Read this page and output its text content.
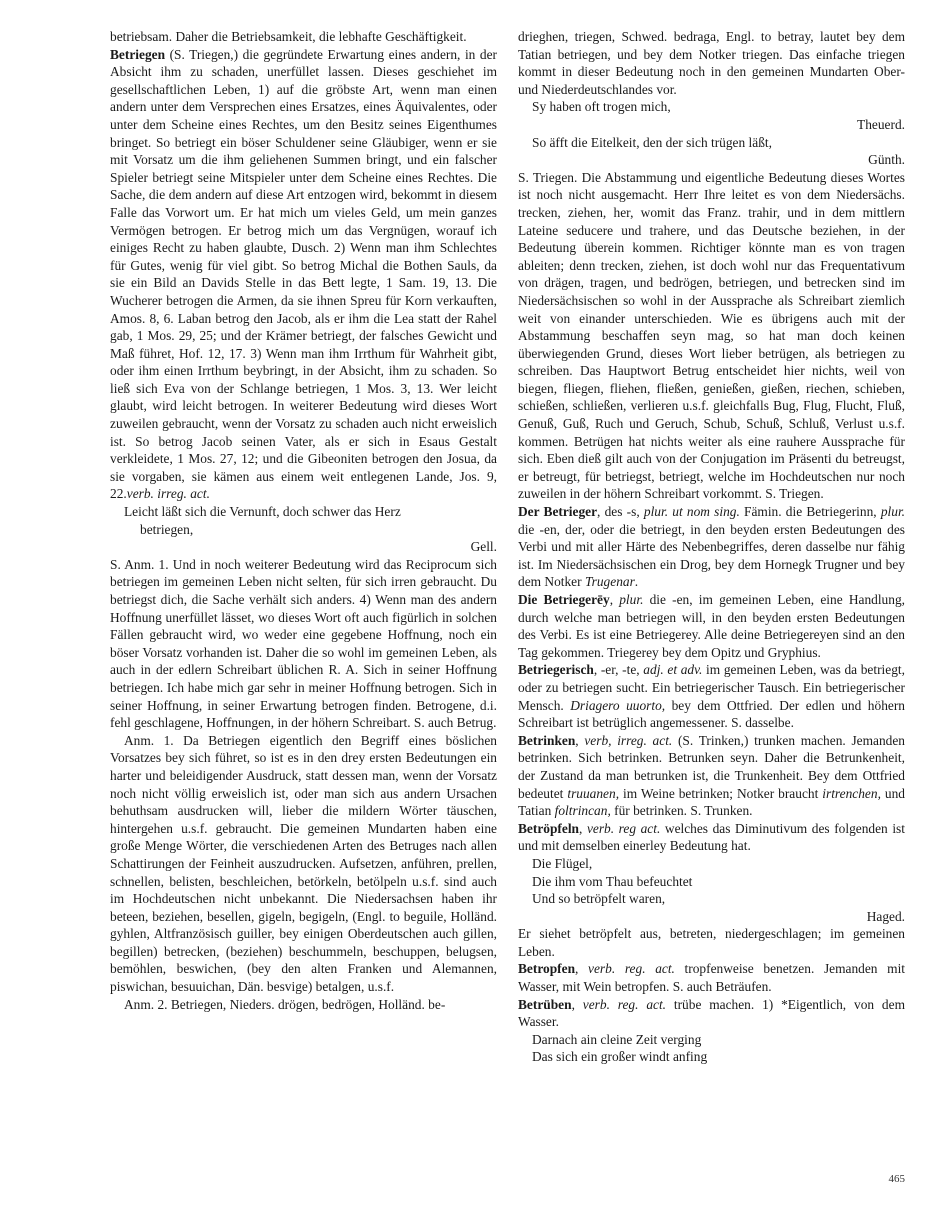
betriebsam. Daher die Betriebsamkeit, die lebhafte Geschäftigkeit.

Betriegen (S. Triegen,) die gegründete Erwartung eines andern, in der Absicht ihm zu schaden, unerfüllet lassen. Dieses geschiehet im gesellschaftlichen Leben, 1) auf die gröbste Art, wenn man einen andern unter dem Versprechen eines Ersatzes, eines Äquivalentes, oder unter dem Scheine eines Rechtes, um den Besitz seines Eigenthumes bringet. So betriegt ein böser Schuldener seine Gläubiger, wenn er sie mit Vorsatz um die ihm geliehenen Summen bringt, und ein falscher Spieler betriegt seine Mitspieler unter dem Scheine eines Rechtes. Die Sache, die dem andern auf diese Art entzogen wird, bekommt in diesem Falle das Vorwort um. Er hat mich um vieles Geld, um mein ganzes Vermögen betrogen. Er betrog mich um das Vergnügen, worauf ich einiges Recht zu haben glaubte, Dusch. 2) Wenn man ihm Schlechtes für Gutes, wenig für viel gibt. So betrog Michal die Bothen Sauls, da sie ein Bild an Davids Stelle in das Bett legte, 1 Sam. 19, 13. Die Wucherer betrogen die Armen, da sie ihnen Spreu für Korn verkauften, Amos. 8, 6. Laban betrog den Jacob, als er ihm die Lea statt der Rahel gab, 1 Mos. 29, 25; und der Krämer betriegt, der falsches Gewicht und Maß führet, Hof. 12, 17. 3) Wenn man ihm Irrthum für Wahrheit gibt, oder ihm einen Irrthum beybringt, in der Absicht, ihm zu schaden. So ließ sich Eva von der Schlange betriegen, 1 Mos. 3, 13. Wer leicht glaubt, wird leicht betrogen. In weiterer Bedeutung wird dieses Wort zuweilen gebraucht, wenn der Vorsatz zu schaden auch nicht erweislich ist. So betrog Jacob seinen Vater, als er sich in Esaus Gestalt verkleidete, 1 Mos. 27, 12; und die Gibeoniten betrogen den Josua, da sie vorgaben, sie kämen aus einem weit entlegenen Lande, Jos. 9, 22.verb. irreg. act.

Leicht läßt sich die Vernunft, doch schwer das Herz

betriegen,

Gell.

S. Anm. 1. Und in noch weiterer Bedeutung wird das Reciprocum sich betriegen im gemeinen Leben nicht selten, für sich irren gebraucht. Du betriegst dich, die Sache verhält sich anders. 4) Wenn man des andern Hoffnung unerfüllet lässet, wo dieses Wort oft auch figürlich in solchen Fällen gebraucht wird, wo weder eine gegebene Hoffnung, noch ein böser Vorsatz vorhanden ist. Daher die so wohl im gemeinen Leben, als auch in der edlern Schreibart üblichen R. A. Sich in seiner Hoffnung betriegen. Ich habe mich gar sehr in meiner Hoffnung betrogen. Sich in seiner Hoffnung, in seiner Erwartung betrogen finden. Betrogene, d.i. fehl geschlagene, Hoffnungen, in der höhern Schreibart. S. auch Betrug.

Anm. 1. Da Betriegen eigentlich den Begriff eines böslichen Vorsatzes bey sich führet, so ist es in den drey ersten Bedeutungen ein harter und beleidigender Ausdruck, statt dessen man, wenn der Vorsatz noch nicht völlig erweislich ist, oder man sich aus andern Ursachen behuthsam ausdrucken will, lieber die mildern Wörter täuschen, hintergehen u.s.f. gebraucht. Die gemeinen Mundarten haben eine große Menge Wörter, die verschiedenen Arten des Betruges nach allen Schattirungen der Feinheit auszudrucken. Aufsetzen, anführen, prellen, schnellen, belisten, beschleichen, betörkeln, betölpeln u.s.f. sind auch im Hochdeutschen nicht unbekannt. Die Niedersachsen haben ihr beteen, beziehen, besellen, gigeln, begigeln, (Engl. to beguile, Holländ. gyhlen, Altfranzösisch guiller, bey einigen Oberdeutschen auch gillen, begillen) betrecken, (beziehen) beschummeln, beschuppen, belugsen, bemöhlen, beswichen, (bey den alten Franken und Alemannen, piswichan, besuuichan, Dän. besvige) betalgen, u.s.f.

Anm. 2. Betriegen, Nieders. drögen, bedrögen, Holländ. be-

drieghen, triegen, Schwed. bedraga, Engl. to betray, lautet bey dem Tatian betriegen, und bey dem Notker triegen. Das einfache triegen kommt in dieser Bedeutung noch in den gemeinen Mundarten Ober- und Niederdeutschlandes vor.

Sy haben oft trogen mich,

Theuerd.

So äfft die Eitelkeit, den der sich trügen läßt,

Günth.

S. Triegen. Die Abstammung und eigentliche Bedeutung dieses Wortes ist noch nicht ausgemacht. Herr Ihre leitet es von dem Niedersächs. trecken, ziehen, her, womit das Franz. trahir, und in dem mittlern Lateine seducere und trahere, und das Deutsche beziehen, in der Bedeutung überein kommen. Richtiger könnte man es von tragen ableiten; denn trecken, ziehen, ist doch wohl nur das Frequentativum von drägen, tragen, und bedrögen, betriegen, und betrecken sind im Niedersächsischen so wohl in der Aussprache als Schreibart ziemlich weit von einander unterschieden. Wie es übrigens auch mit der Abstammung beschaffen seyn mag, so hat man doch keinen überwiegenden Grund, dieses Wort lieber betrügen, als betriegen zu schreiben. Das Hauptwort Betrug entscheidet hier nichts, weil von biegen, fliegen, fliehen, fließen, genießen, gießen, riechen, schieben, schießen, schließen, verlieren u.s.f. gleichfalls Bug, Flug, Flucht, Fluß, Genuß, Guß, Ruch und Geruch, Schub, Schuß, Schluß, Verlust u.s.f. kommen. Betrügen hat nichts weiter als eine rauhere Aussprache für sich. Eben dieß gilt auch von der Conjugation im Präsenti du betreugst, er betreugt, für betriegst, betriegt, welche im Hochdeutschen nur noch zuweilen in der höhern Schreibart vorkommt. S. Triegen.

Der Betrieger, des -s, plur. ut nom sing. Fämin. die Betriegerinn, plur. die -en, der, oder die betriegt, in den beyden ersten Bedeutungen des Verbi und mit aller Härte des Nebenbegriffes, deren dasselbe nur fähig ist. Im Niedersächsischen ein Drog, bey dem Hornegk Trugner und bey dem Notker Trugenar.

Die Betriegerēy, plur. die -en, im gemeinen Leben, eine Handlung, durch welche man betriegen will, in den beyden ersten Bedeutungen des Verbi. Es ist eine Betriegerey. Alle deine Betriegereyen sind an den Tag gekommen. Triegerey bey dem Opitz und Gryphius.

Betriegerisch, -er, -te, adj. et adv. im gemeinen Leben, was da betriegt, oder zu betriegen sucht. Ein betriegerischer Tausch. Ein betriegerischer Mensch. Driagero uuorto, bey dem Ottfried. Der edlen und höhern Schreibart ist betrüglich angemessener. S. dasselbe.

Betrinken, verb, irreg. act. (S. Trinken,) trunken machen. Jemanden betrinken. Sich betrinken. Betrunken seyn. Daher die Betrunkenheit, der Zustand da man betrunken ist, die Trunkenheit. Bey dem Ottfried bedeutet truuanen, im Weine betrinken; Notker braucht irtrenchen, und Tatian foltrincan, für betrinken. S. Trunken.

Betröpfeln, verb. reg act. welches das Diminutivum des folgenden ist und mit demselben einerley Bedeutung hat.

Die Flügel,

Die ihm vom Thau befeuchtet

Und so betröpfelt waren,

Haged.

Er siehet betröpfelt aus, betreten, niedergeschlagen; im gemeinen Leben.

Betropfen, verb. reg. act. tropfenweise benetzen. Jemanden mit Wasser, mit Wein betropfen. S. auch Beträufen.

Betrüben, verb. reg. act. trübe machen. 1) *Eigentlich, von dem Wasser.

Darnach ain cleine Zeit verging

Das sich ein großer windt anfing

465
